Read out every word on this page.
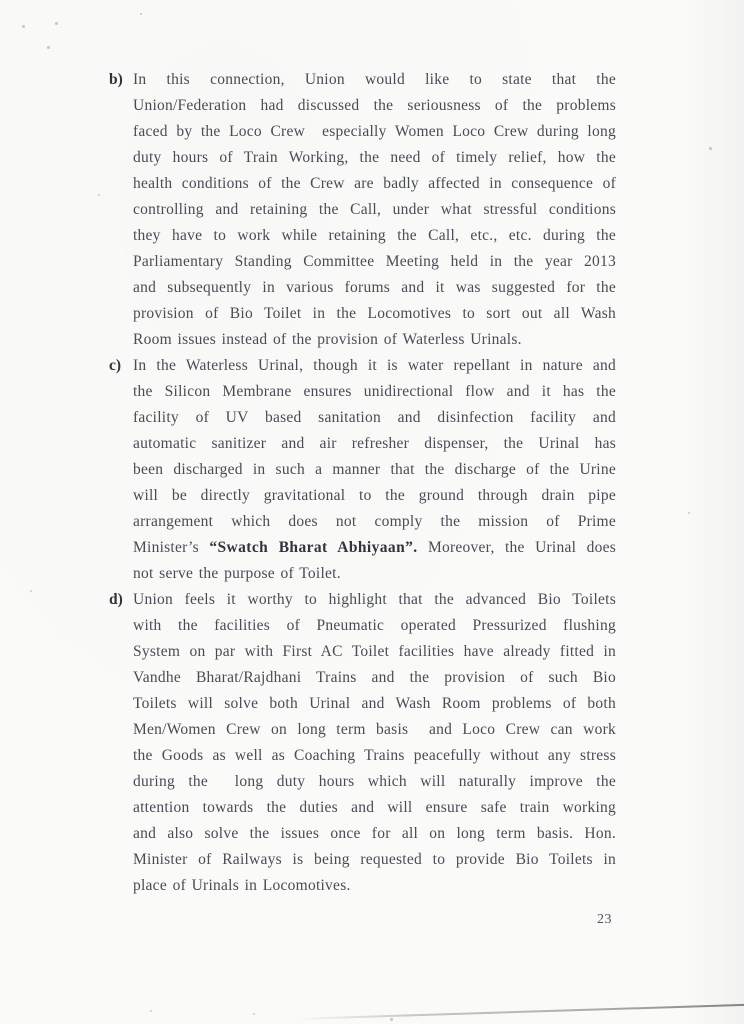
b) In this connection, Union would like to state that the
Union/Federation had discussed the seriousness of the problems
faced by the Loco Crew  especially Women Loco Crew during long
duty hours of Train Working, the need of timely relief, how the
health conditions of the Crew are badly affected in consequence of
controlling and retaining the Call, under what stressful conditions
they have to work while retaining the Call, etc., etc. during the
Parliamentary Standing Committee Meeting held in the year 2013
and subsequently in various forums and it was suggested for the
provision of Bio Toilet in the Locomotives to sort out all Wash
Room issues instead of the provision of Waterless Urinals.
c) In the Waterless Urinal, though it is water repellant in nature and
the Silicon Membrane ensures unidirectional flow and it has the
facility of UV based sanitation and disinfection facility and
automatic sanitizer and air refresher dispenser, the Urinal has
been discharged in such a manner that the discharge of the Urine
will be directly gravitational to the ground through drain pipe
arrangement which does not comply the mission of Prime
Minister’s “Swatch Bharat Abhiyaan”. Moreover, the Urinal does
not serve the purpose of Toilet.
d) Union feels it worthy to highlight that the advanced Bio Toilets
with the facilities of Pneumatic operated Pressurized flushing
System on par with First AC Toilet facilities have already fitted in
Vandhe Bharat/Rajdhani Trains and the provision of such Bio
Toilets will solve both Urinal and Wash Room problems of both
Men/Women Crew on long term basis  and Loco Crew can work
the Goods as well as Coaching Trains peacefully without any stress
during the  long duty hours which will naturally improve the
attention towards the duties and will ensure safe train working
and also solve the issues once for all on long term basis. Hon.
Minister of Railways is being requested to provide Bio Toilets in
place of Urinals in Locomotives.
23
